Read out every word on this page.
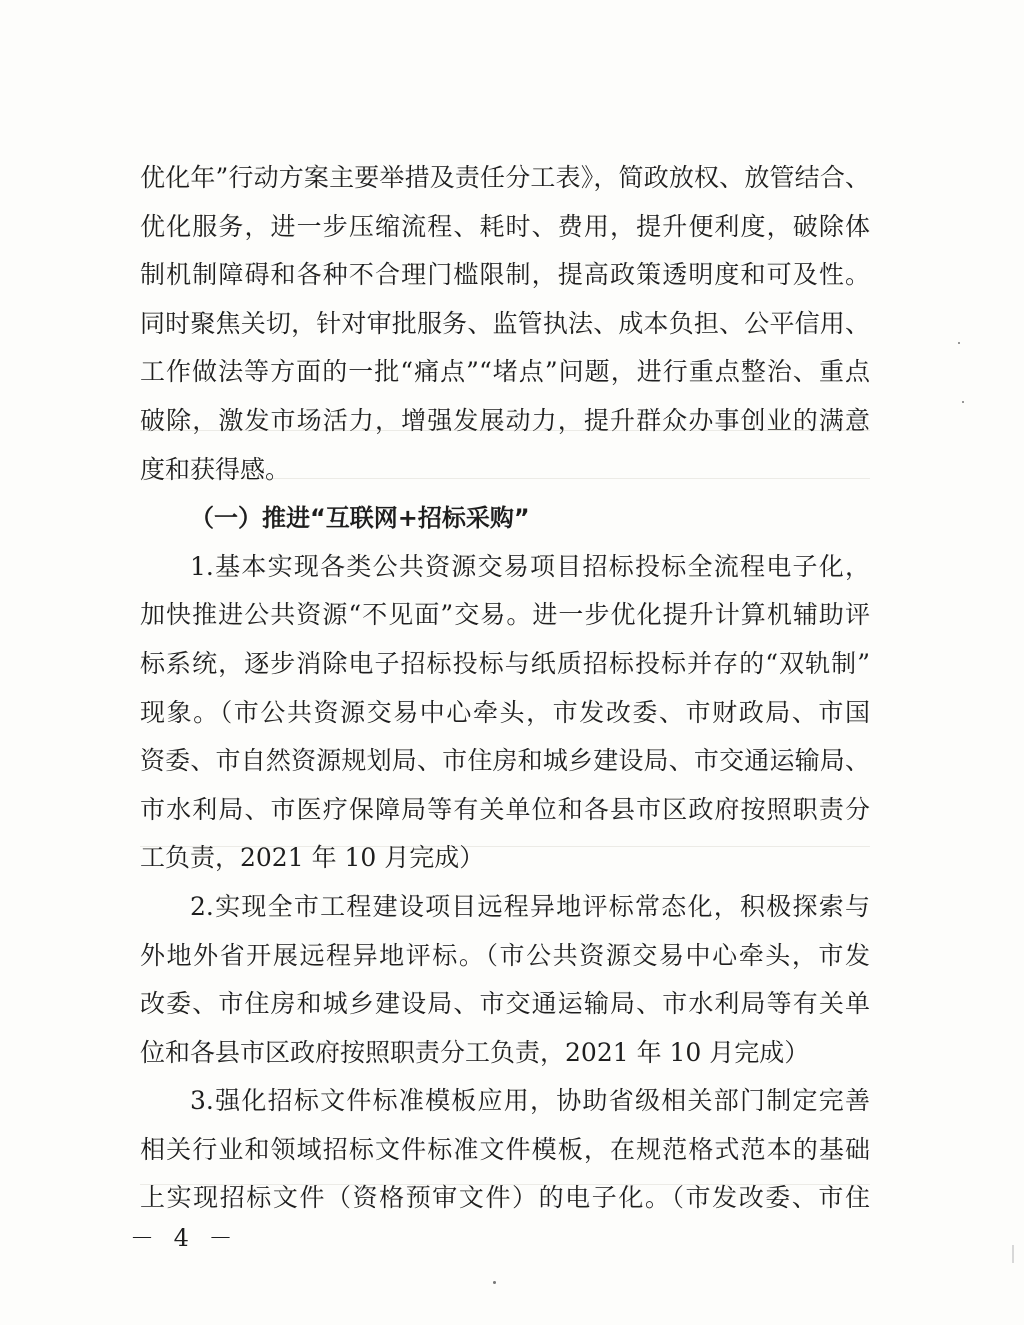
优化年”行动方案主要举措及责任分工表》，简政放权、放管结合、
优化服务，进一步压缩流程、耗时、费用，提升便利度，破除体
制机制障碍和各种不合理门槛限制，提高政策透明度和可及性。
同时聚焦关切，针对审批服务、监管执法、成本负担、公平信用、
工作做法等方面的一批“痛点”“堵点”问题，进行重点整治、重点
破除，激发市场活力，增强发展动力，提升群众办事创业的满意
度和获得感。
（一）推进“互联网+招标采购”
1.基本实现各类公共资源交易项目招标投标全流程电子化，
加快推进公共资源“不见面”交易。进一步优化提升计算机辅助评
标系统，逐步消除电子招标投标与纸质招标投标并存的“双轨制”
现象。（市公共资源交易中心牵头，市发改委、市财政局、市国
资委、市自然资源规划局、市住房和城乡建设局、市交通运输局、
市水利局、市医疗保障局等有关单位和各县市区政府按照职责分
工负责，2021 年 10 月完成）
2.实现全市工程建设项目远程异地评标常态化，积极探索与
外地外省开展远程异地评标。（市公共资源交易中心牵头，市发
改委、市住房和城乡建设局、市交通运输局、市水利局等有关单
位和各县市区政府按照职责分工负责，2021 年 10 月完成）
3.强化招标文件标准模板应用，协助省级相关部门制定完善
相关行业和领域招标文件标准文件模板，在规范格式范本的基础
上实现招标文件（资格预审文件）的电子化。（市发改委、市住
－ 4 －
